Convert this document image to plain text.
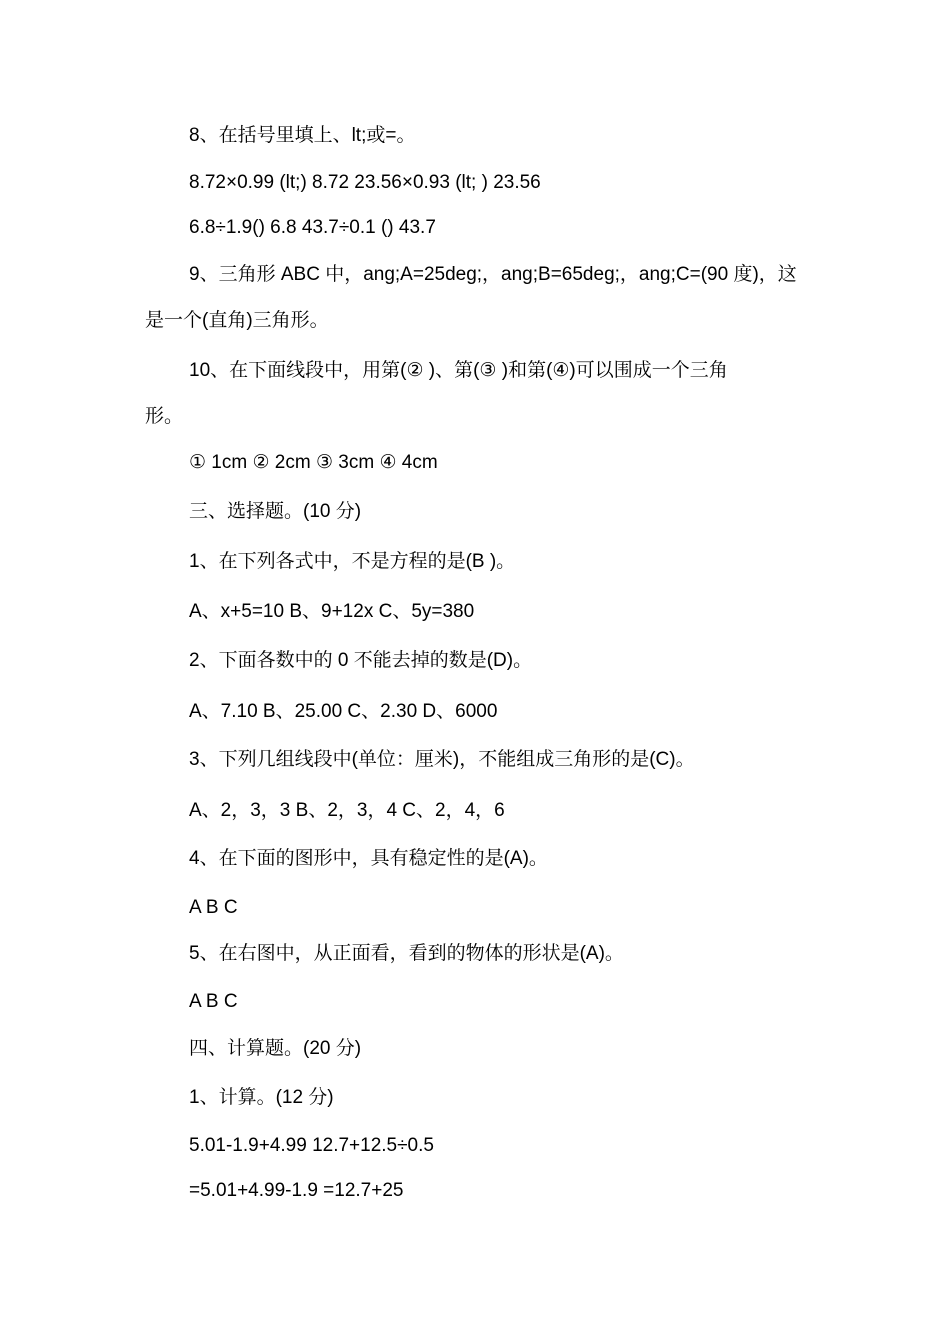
8、在括号里填上、lt;或=。
8.72×0.99 (lt;) 8.72 23.56×0.93 (lt; ) 23.56
6.8÷1.9() 6.8 43.7÷0.1 () 43.7
9、三角形 ABC 中，ang;A=25deg;，ang;B=65deg;，ang;C=(90 度)，这
是一个(直角)三角形。
10、在下面线段中，用第(② )、第(③ )和第(④)可以围成一个三角
形。
① 1cm ② 2cm ③ 3cm ④ 4cm
三、选择题。(10 分)
1、在下列各式中，不是方程的是(B )。
A、x+5=10 B、9+12x C、5y=380
2、下面各数中的 0 不能去掉的数是(D)。
A、7.10 B、25.00 C、2.30 D、6000
3、下列几组线段中(单位：厘米)，不能组成三角形的是(C)。
A、2，3，3 B、2，3，4 C、2，4，6
4、在下面的图形中，具有稳定性的是(A)。
A B C
5、在右图中，从正面看，看到的物体的形状是(A)。
A B C
四、计算题。(20 分)
1、计算。(12 分)
5.01-1.9+4.99 12.7+12.5÷0.5
=5.01+4.99-1.9 =12.7+25
